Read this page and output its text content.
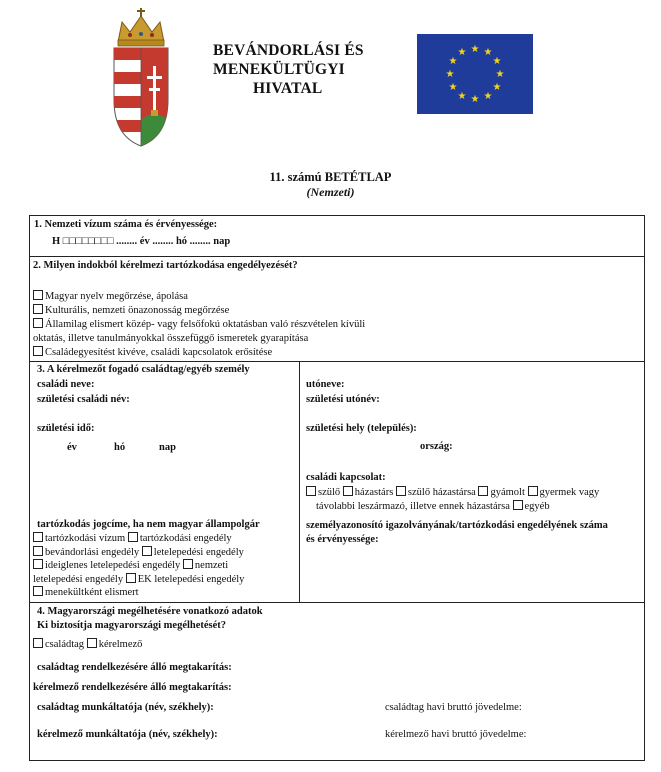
BEVÁNDORLÁSI ÉS
MENEKÜLTÜGYI
HIVATAL
★ ★
★
★
★
★
★
★
★
★
★
★
11. számú BETÉTLAP
(Nemzeti)
1. Nemzeti vízum száma és érvényessége:
H □□□□□□□□ ........ év ........ hó ........ nap
2. Milyen indokból kérelmezi tartózkodása engedélyezését?
Magyar nyelv megőrzése, ápolása
Kulturális, nemzeti önazonosság megőrzése
Államilag elismert közép- vagy felsőfokú oktatásban való részvételen kívüli
oktatás, illetve tanulmányokkal összefüggő ismeretek gyarapítása
Családegyesítést kivéve, családi kapcsolatok erősítése
3. A kérelmezőt fogadó családtag/egyéb személy
családi neve:	utóneve:
születési családi név:	születési utónév:
születési idő:	születési hely (település):
év	hó	nap	ország:
családi kapcsolat:
szülő házastárs szülő házastársa gyámolt gyermek vagy
távolabbi leszármazó, illetve ennek házastársa egyéb
tartózkodás jogcíme, ha nem magyar állampolgár
tartózkodási vízum tartózkodási engedély
bevándorlási engedély letelepedési engedély
ideiglenes letelepedési engedély nemzeti
letelepedési engedély EK letelepedési engedély
menekültként elismert
személyazonosító igazolványának/tartózkodási engedélyének száma
és érvényessége:
4. Magyarországi megélhetésére vonatkozó adatok
Ki biztosítja magyarországi megélhetését?
családtag kérelmező
családtag rendelkezésére álló megtakarítás:
kérelmező rendelkezésére álló megtakarítás:
családtag munkáltatója (név, székhely):	családtag havi bruttó jövedelme:
kérelmező munkáltatója (név, székhely):	kérelmező havi bruttó jövedelme:
